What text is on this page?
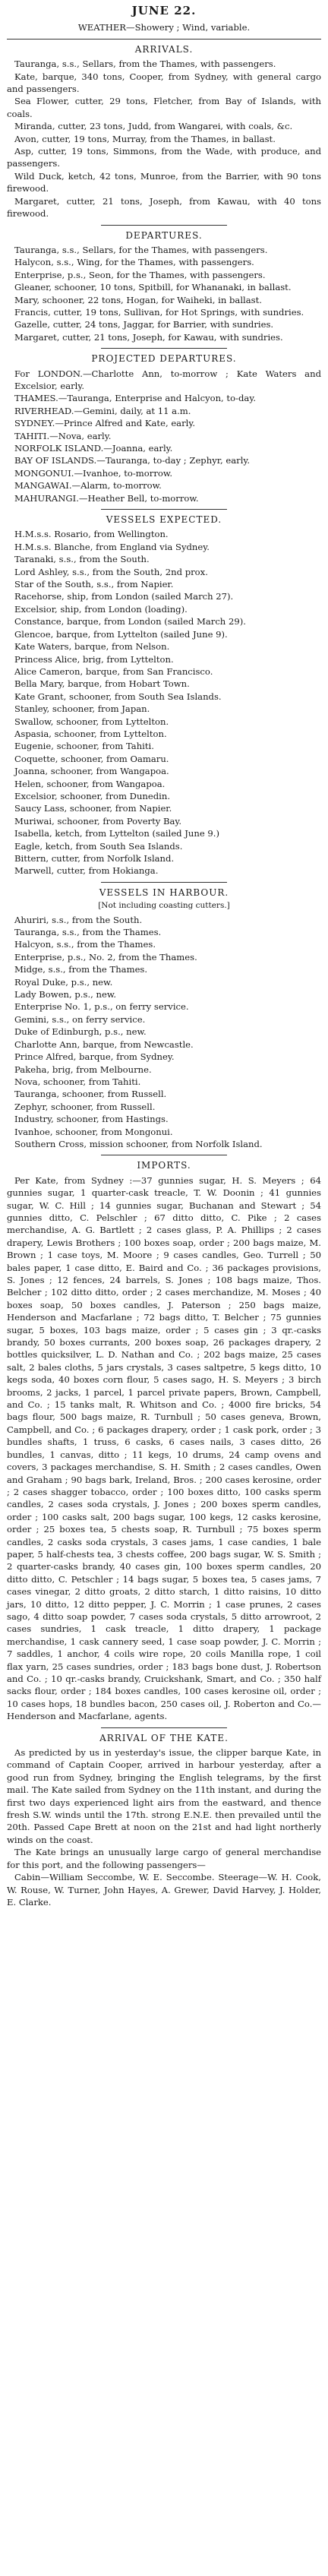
JUNE 22.
WEATHER—Showery ; Wind, variable.
ARRIVALS.

Tauranga, s.s., Sellars, from the Thames, with passengers.

Kate, barque, 340 tons, Cooper, from Sydney, with general cargo and passengers.

Sea Flower, cutter, 29 tons, Fletcher, from Bay of Islands, with coals.

Miranda, cutter, 23 tons, Judd, from Wangarei, with coals, &c.

Avon, cutter, 19 tons, Murray, from the Thames, in ballast.

Asp, cutter, 19 tons, Simmons, from the Wade, with produce, and passengers.

Wild Duck, ketch, 42 tons, Munroe, from the Barrier, with 90 tons firewood.

Margaret, cutter, 21 tons, Joseph, from Kawau, with 40 tons firewood.

DEPARTURES.

Tauranga, s.s., Sellars, for the Thames, with passengers.

Halycon, s.s., Wing, for the Thames, with passengers.

Enterprise, p.s., Seon, for the Thames, with passengers.

Gleaner, schooner, 10 tons, Spitbill, for Whananaki, in ballast.

Mary, schooner, 22 tons, Hogan, for Waiheki, in ballast.

Francis, cutter, 19 tons, Sullivan, for Hot Springs, with sundries.

Gazelle, cutter, 24 tons, Jaggar, for Barrier, with sundries.

Margaret, cutter, 21 tons, Joseph, for Kawau, with sundries.

PROJECTED DEPARTURES.

For LONDON.—Charlotte Ann, to-morrow ; Kate Waters and Excelsior, early.

THAMES.—Tauranga, Enterprise and Halcyon, to-day.

RIVERHEAD.—Gemini, daily, at 11 a.m.

SYDNEY.—Prince Alfred and Kate, early.

TAHITI.—Nova, early.

NORFOLK ISLAND.—Joanna, early.

BAY OF ISLANDS.—Tauranga, to-day ; Zephyr, early.

MONGONUI.—Ivanhoe, to-morrow.

MANGAWAI.—Alarm, to-morrow.

MAHURANGI.—Heather Bell, to-morrow.

VESSELS EXPECTED.

H.M.s.s. Rosario, from Wellington.

H.M.s.s. Blanche, from England via Sydney.

Taranaki, s.s., from the South.

Lord Ashley, s.s., from the South, 2nd prox.

Star of the South, s.s., from Napier.

Racehorse, ship, from London (sailed March 27).

Excelsior, ship, from London (loading).

Constance, barque, from London (sailed March 29).

Glencoe, barque, from Lyttelton (sailed June 9).

Kate Waters, barque, from Nelson.

Princess Alice, brig, from Lyttelton.

Alice Cameron, barque, from San Francisco.

Bella Mary, barque, from Hobart Town.

Kate Grant, schooner, from South Sea Islands.

Stanley, schooner, from Japan.

Swallow, schooner, from Lyttelton.

Aspasia, schooner, from Lyttelton.

Eugenie, schooner, from Tahiti.

Coquette, schooner, from Oamaru.

Joanna, schooner, from Wangapoa.

Helen, schooner, from Wangapoa.

Excelsior, schooner, from Dunedin.

Saucy Lass, schooner, from Napier.

Muriwai, schooner, from Poverty Bay.

Isabella, ketch, from Lyttelton (sailed June 9.)

Eagle, ketch, from South Sea Islands.

Bittern, cutter, from Norfolk Island.

Marwell, cutter, from Hokianga.

VESSELS IN HARBOUR.
[Not including coasting cutters.]

Ahuriri, s.s., from the South.

Tauranga, s.s., from the Thames.

Halcyon, s.s., from the Thames.

Enterprise, p.s., No. 2, from the Thames.

Midge, s.s., from the Thames.

Royal Duke, p.s., new.

Lady Bowen, p.s., new.

Enterprise No. 1, p.s., on ferry service.

Gemini, s.s., on ferry service.

Duke of Edinburgh, p.s., new.

Charlotte Ann, barque, from Newcastle.

Prince Alfred, barque, from Sydney.

Pakeha, brig, from Melbourne.

Nova, schooner, from Tahiti.

Tauranga, schooner, from Russell.

Zephyr, schooner, from Russell.

Industry, schooner, from Hastings.

Ivanhoe, schooner, from Mongonui.

Southern Cross, mission schooner, from Norfolk Island.

IMPORTS.

Per Kate, from Sydney :—37 gunnies sugar, H. S. Meyers ; 64 gunnies sugar, 1 quarter-cask treacle, T. W. Doonin ; 41 gunnies sugar, W. C. Hill ; 14 gunnies sugar, Buchanan and Stewart ; 54 gunnies ditto, C. Pelschler ; 67 ditto ditto, C. Pike ; 2 cases merchandise, A. G. Bartlett ; 2 cases glass, P. A. Phillips ; 2 cases drapery, Lewis Brothers ; 100 boxes soap, order ; 200 bags maize, M. Brown ; 1 case toys, M. Moore ; 9 cases candles, Geo. Turrell ; 50 bales paper, 1 case ditto, E. Baird and Co. ; 36 packages provisions, S. Jones ; 12 fences, 24 barrels, S. Jones ; 108 bags maize, Thos. Belcher ; 102 ditto ditto, order ; 2 cases merchandize, M. Moses ; 40 boxes soap, 50 boxes candles, J. Paterson ; 250 bags maize, Henderson and Macfarlane ; 72 bags ditto, T. Belcher ; 75 gunnies sugar, 5 boxes, 103 bags maize, order ; 5 cases gin ; 3 qr.-casks brandy, 50 boxes currants, 200 boxes soap, 26 packages drapery, 2 bottles quicksilver, L. D. Nathan and Co. ; 202 bags maize, 25 cases salt, 2 bales cloths, 5 jars crystals, 3 cases saltpetre, 5 kegs ditto, 10 kegs soda, 40 boxes corn flour, 5 cases sago, H. S. Meyers ; 3 birch brooms, 2 jacks, 1 parcel, 1 parcel private papers, Brown, Campbell, and Co. ; 15 tanks malt, R. Whitson and Co. ; 4000 fire bricks, 54 bags flour, 500 bags maize, R. Turnbull ; 50 cases geneva, Brown, Campbell, and Co. ; 6 packages drapery, order ; 1 cask pork, order ; 3 bundles shafts, 1 truss, 6 casks, 6 cases nails, 3 cases ditto, 26 bundles, 1 canvas, ditto ; 11 kegs, 10 drums, 24 camp ovens and covers, 3 packages merchandise, S. H. Smith ; 2 cases candles, Owen and Graham ; 90 bags bark, Ireland, Bros. ; 200 cases kerosine, order ; 2 cases shagger tobacco, order ; 100 boxes ditto, 100 casks sperm candles, 2 cases soda crystals, J. Jones ; 200 boxes sperm candles, order ; 100 casks salt, 200 bags sugar, 100 kegs, 12 casks kerosine, order ; 25 boxes tea, 5 chests soap, R. Turnbull ; 75 boxes sperm candles, 2 casks soda crystals, 3 cases jams, 1 case candies, 1 bale paper, 5 half-chests tea, 3 chests coffee, 200 bags sugar, W. S. Smith ; 2 quarter-casks brandy, 40 cases gin, 100 boxes sperm candles, 20 ditto ditto, C. Petschler ; 14 bags sugar, 5 boxes tea, 5 cases jams, 7 cases vinegar, 2 ditto groats, 2 ditto starch, 1 ditto raisins, 10 ditto jars, 10 ditto, 12 ditto pepper, J. C. Morrin ; 1 case prunes, 2 cases sago, 4 ditto soap powder, 7 cases soda crystals, 5 ditto arrowroot, 2 cases sundries, 1 cask treacle, 1 ditto drapery, 1 package merchandise, 1 cask cannery seed, 1 case soap powder, J. C. Morrin ; 7 saddles, 1 anchor, 4 coils wire rope, 20 coils Manilla rope, 1 coil flax yarn, 25 cases sundries, order ; 183 bags bone dust, J. Robertson and Co. ; 10 qr.-casks brandy, Cruickshank, Smart, and Co. ; 350 half sacks flour, order ; 184 boxes candles, 100 cases kerosine oil, order ; 10 cases hops, 18 bundles bacon, 250 cases oil, J. Roberton and Co.—Henderson and Macfarlane, agents.

ARRIVAL OF THE KATE.

As predicted by us in yesterday's issue, the clipper barque Kate, in command of Captain Cooper, arrived in harbour yesterday, after a good run from Sydney, bringing the English telegrams, by the first mail. The Kate sailed from Sydney on the 11th instant, and during the first two days experienced light airs from the eastward, and thence fresh S.W. winds until the 17th. strong E.N.E. then prevailed until the 20th. Passed Cape Brett at noon on the 21st and had light northerly winds on the coast.

The Kate brings an unusually large cargo of general merchandise for this port, and the following passengers—

Cabin—William Seccombe, W. E. Seccombe. Steerage—W. H. Cook, W. Rouse, W. Turner, John Hayes, A. Grewer, David Harvey, J. Holder, E. Clarke.
